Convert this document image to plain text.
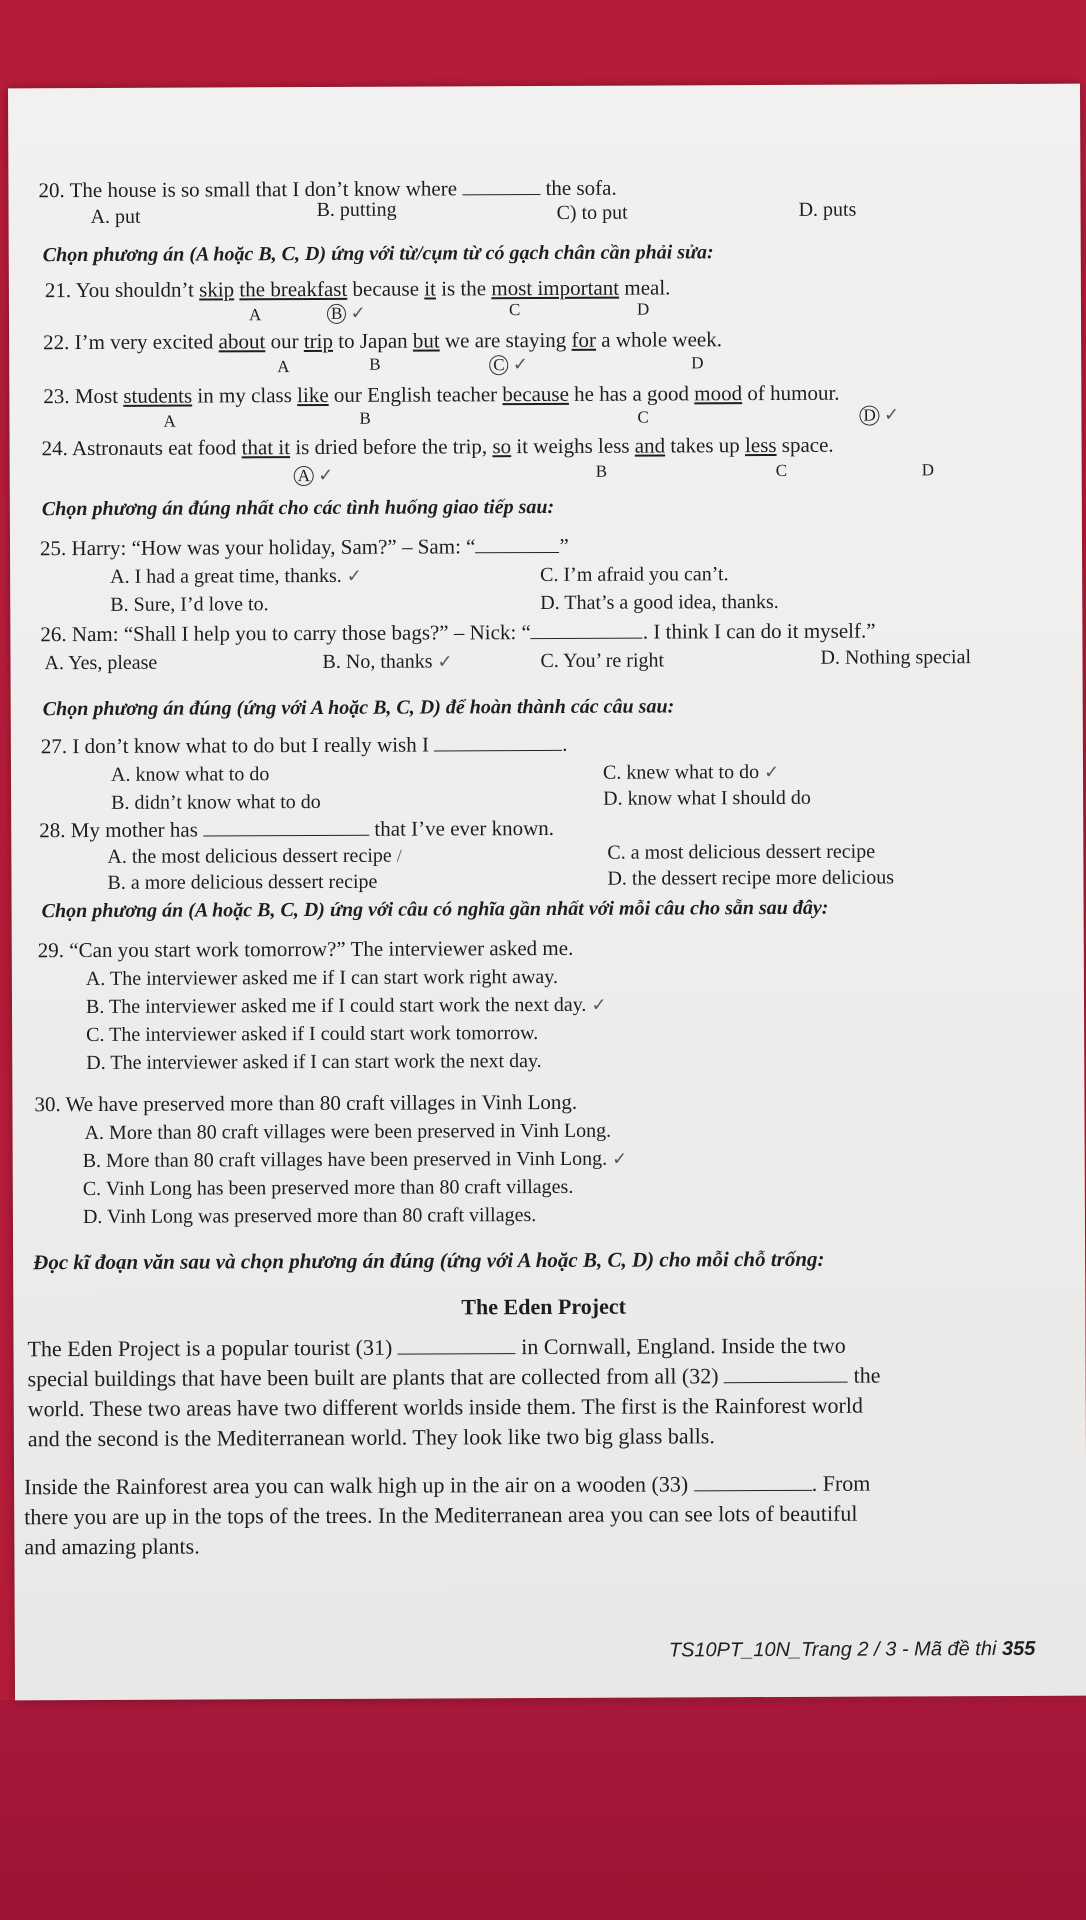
20. The house is so small that I don’t know where	the sofa.
A. put	B. putting	C) to put	D. puts
Chọn phương án (A hoặc B, C, D) ứng với từ/cụm từ có gạch chân cần phải sửa:
21. You shouldn’t skip the breakfast because it is the most important meal.
A	B ✓	C	D
22. I’m very excited about our trip to Japan but we are staying for a whole week.
A	B	C ✓	D
23. Most students in my class like our English teacher because he has a good mood of humour.
A	B	C	D ✓
24. Astronauts eat food that it is dried before the trip, so it weighs less and takes up less space.
A ✓	B	C	D
Chọn phương án đúng nhất cho các tình huống giao tiếp sau:
25. Harry: “How was your holiday, Sam?” – Sam: “	”
A. I had a great time, thanks. ✓	C. I’m afraid you can’t.
B. Sure, I’d love to.	D. That’s a good idea, thanks.
26. Nam: “Shall I help you to carry those bags?” – Nick: “	. I think I can do it myself.”
A. Yes, please	B. No, thanks ✓	C. You’ re right	D. Nothing special
Chọn phương án đúng (ứng với A hoặc B, C, D) để hoàn thành các câu sau:
27. I don’t know what to do but I really wish I	.
A. know what to do	C. knew what to do ✓
B. didn’t know what to do	D. know what I should do
28. My mother has	that I’ve ever known.
A. the most delicious dessert recipe /	C. a most delicious dessert recipe
B. a more delicious dessert recipe	D. the dessert recipe more delicious
Chọn phương án (A hoặc B, C, D) ứng với câu có nghĩa gần nhất với mỗi câu cho sẵn sau đây:
29. “Can you start work tomorrow?” The interviewer asked me.
A. The interviewer asked me if I can start work right away.
B. The interviewer asked me if I could start work the next day. ✓
C. The interviewer asked if I could start work tomorrow.
D. The interviewer asked if I can start work the next day.
30. We have preserved more than 80 craft villages in Vinh Long.
A. More than 80 craft villages were been preserved in Vinh Long.
B. More than 80 craft villages have been preserved in Vinh Long. ✓
C. Vinh Long has been preserved more than 80 craft villages.
D. Vinh Long was preserved more than 80 craft villages.
Đọc kĩ đoạn văn sau và chọn phương án đúng (ứng với A hoặc B, C, D) cho mỗi chỗ trống:
The Eden Project
The Eden Project is a popular tourist (31)	in Cornwall, England. Inside the two
special buildings that have been built are plants that are collected from all (32)	the
world. These two areas have two different worlds inside them. The first is the Rainforest world
and the second is the Mediterranean world. They look like two big glass balls.
Inside the Rainforest area you can walk high up in the air on a wooden (33)	. From
there you are up in the tops of the trees. In the Mediterranean area you can see lots of beautiful
and amazing plants.
TS10PT_10N_Trang 2 / 3 - Mã đề thi 355
